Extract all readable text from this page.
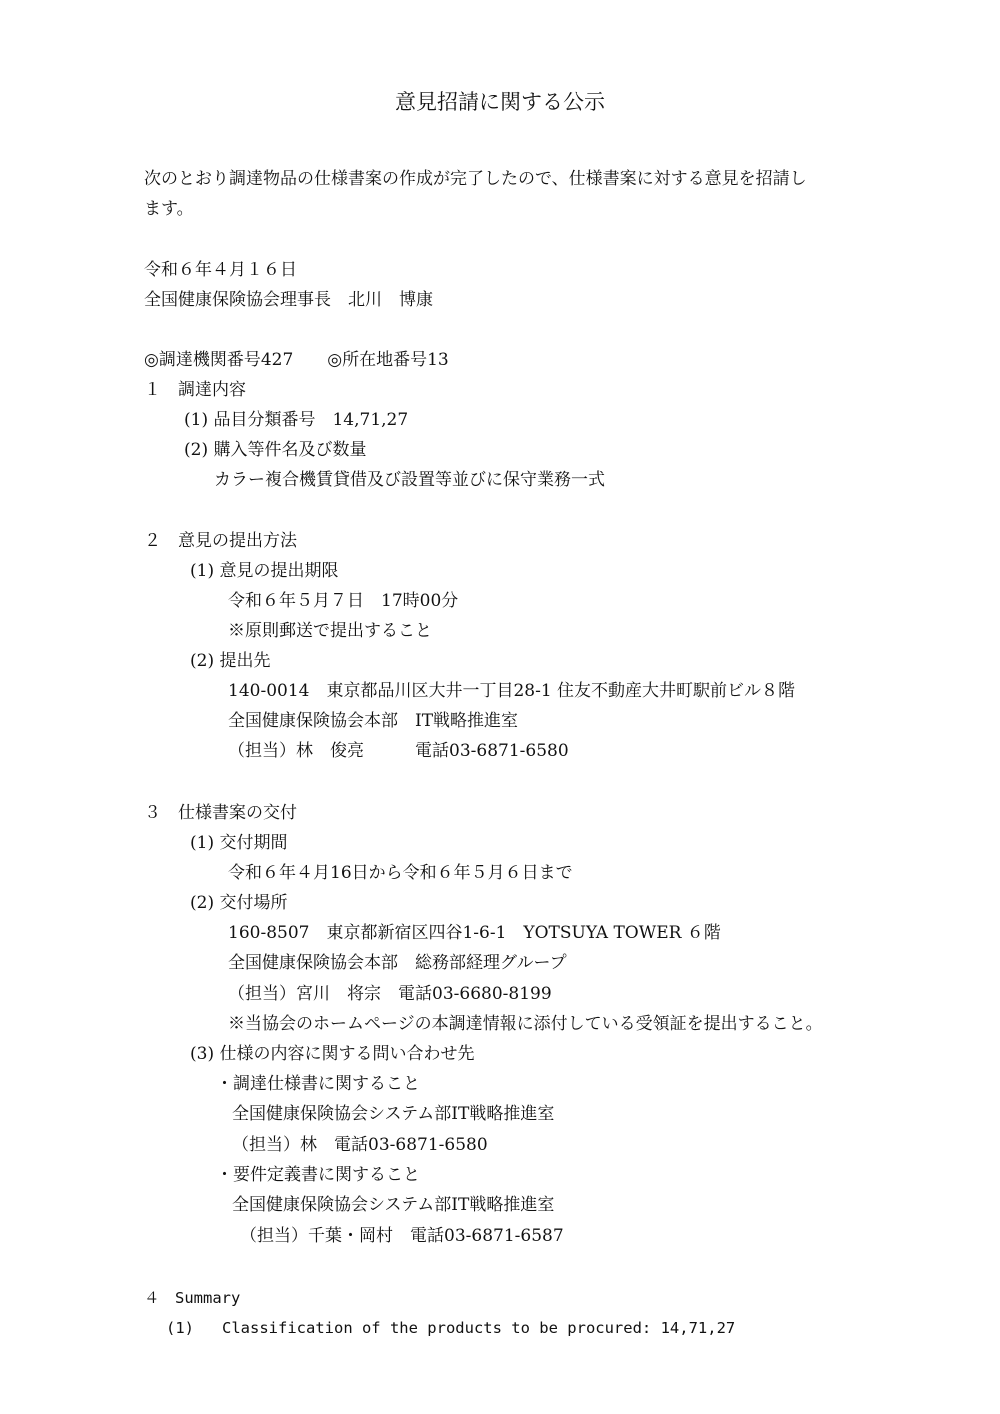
意見招請に関する公示
次のとおり調達物品の仕様書案の作成が完了したので、仕様書案に対する意見を招請し
ます。
令和６年４月１６日
全国健康保険協会理事長　北川　博康
◎調達機関番号427　　◎所在地番号13
１　調達内容
(1) 品目分類番号　14,71,27
(2) 購入等件名及び数量
カラー複合機賃貸借及び設置等並びに保守業務一式
２　意見の提出方法
(1) 意見の提出期限
令和６年５月７日　17時00分
※原則郵送で提出すること
(2) 提出先
140-0014　東京都品川区大井一丁目28-1 住友不動産大井町駅前ビル８階
全国健康保険協会本部　IT戦略推進室
（担当）林　俊亮　　　電話03-6871-6580
３　仕様書案の交付
(1) 交付期間
令和６年４月16日から令和６年５月６日まで
(2) 交付場所
160-8507　東京都新宿区四谷1-6-1　YOTSUYA TOWER ６階
全国健康保険協会本部　総務部経理グループ
（担当）宮川　将宗　電話03-6680-8199
※当協会のホームページの本調達情報に添付している受領証を提出すること。
(3) 仕様の内容に関する問い合わせ先
・調達仕様書に関すること
全国健康保険協会システム部IT戦略推進室
（担当）林　電話03-6871-6580
・要件定義書に関すること
全国健康保険協会システム部IT戦略推進室
（担当）千葉・岡村　電話03-6871-6587
４　Summary
(1) Classification of the products to be procured: 14,71,27
